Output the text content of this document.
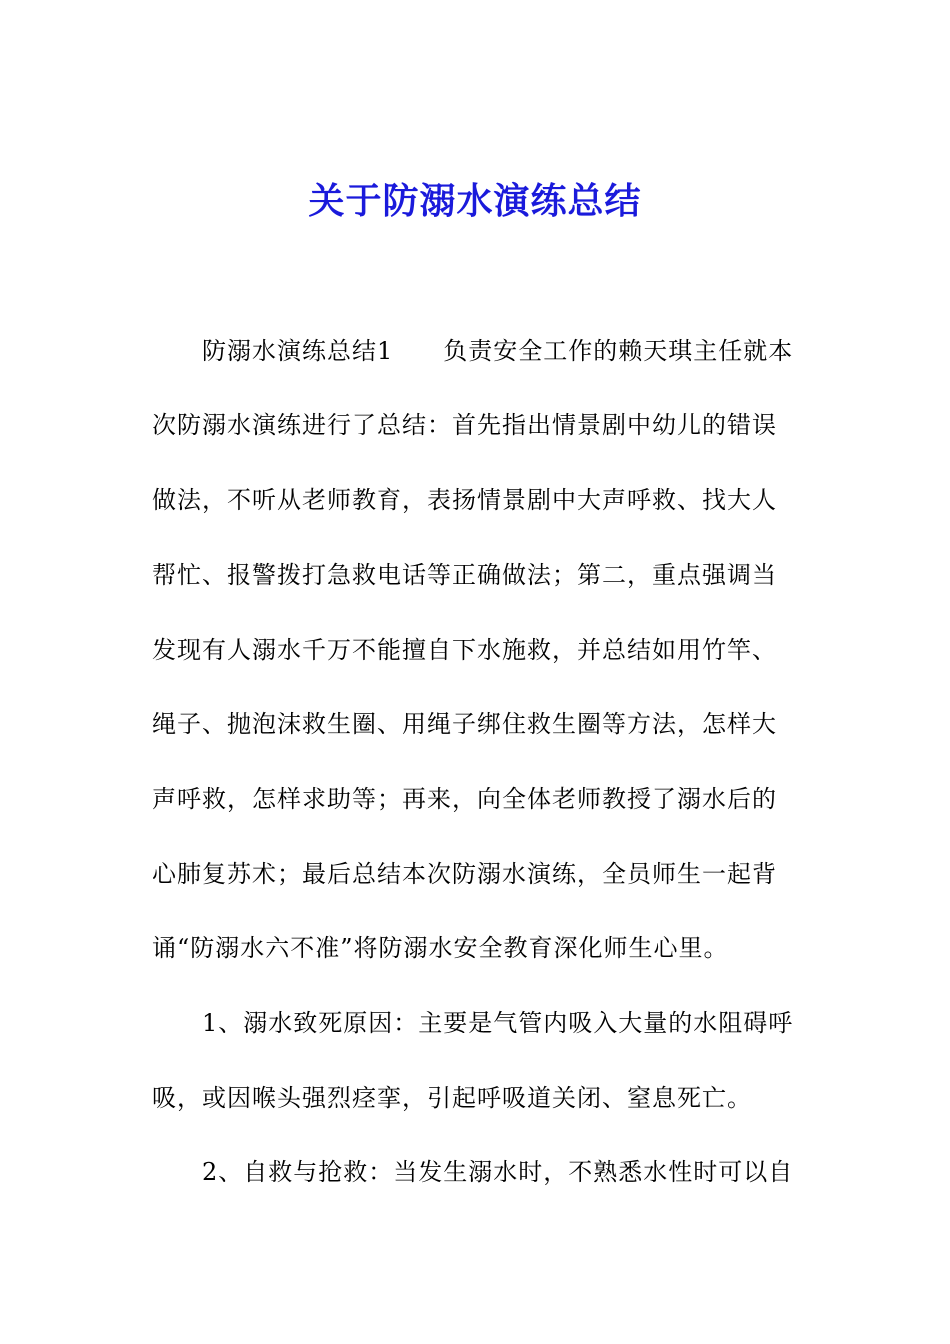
关于防溺水演练总结
　　防溺水演练总结1　　负责安全工作的赖天琪主任就本
次防溺水演练进行了总结：首先指出情景剧中幼儿的错误
做法，不听从老师教育，表扬情景剧中大声呼救、找大人
帮忙、报警拨打急救电话等正确做法；第二，重点强调当
发现有人溺水千万不能擅自下水施救，并总结如用竹竿、
绳子、抛泡沫救生圈、用绳子绑住救生圈等方法，怎样大
声呼救，怎样求助等；再来，向全体老师教授了溺水后的
心肺复苏术；最后总结本次防溺水演练，全员师生一起背
诵“防溺水六不准”将防溺水安全教育深化师生心里。
　　1、溺水致死原因：主要是气管内吸入大量的水阻碍呼
吸，或因喉头强烈痉挛，引起呼吸道关闭、窒息死亡。
　　2、自救与抢救：当发生溺水时，不熟悉水性时可以自
